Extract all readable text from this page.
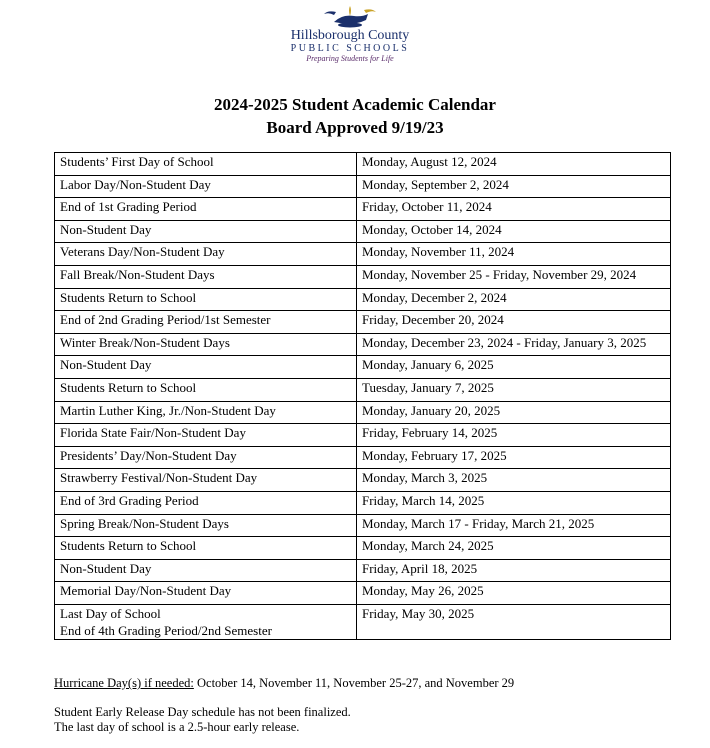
Hillsborough County
PUBLIC SCHOOLS
Preparing Students for Life
2024-2025 Student Academic Calendar
Board Approved 9/19/23
Students’ First Day of School	Monday, August 12, 2024
Labor Day/Non-Student Day	Monday, September 2, 2024
End of 1st Grading Period	Friday, October 11, 2024
Non-Student Day	Monday, October 14, 2024
Veterans Day/Non-Student Day	Monday, November 11, 2024
Fall Break/Non-Student Days	Monday, November 25 - Friday, November 29, 2024
Students Return to School	Monday, December 2, 2024
End of 2nd Grading Period/1st Semester	Friday, December 20, 2024
Winter Break/Non-Student Days	Monday, December 23, 2024 - Friday, January 3, 2025
Non-Student Day	Monday, January 6, 2025
Students Return to School	Tuesday, January 7, 2025
Martin Luther King, Jr./Non-Student Day	Monday, January 20, 2025
Florida State Fair/Non-Student Day	Friday, February 14, 2025
Presidents’ Day/Non-Student Day	Monday, February 17, 2025
Strawberry Festival/Non-Student Day	Monday, March 3, 2025
End of 3rd Grading Period	Friday, March 14, 2025
Spring Break/Non-Student Days	Monday, March 17 - Friday, March 21, 2025
Students Return to School	Monday, March 24, 2025
Non-Student Day	Friday, April 18, 2025
Memorial Day/Non-Student Day	Monday, May 26, 2025

Last Day of School
End of 4th Grading Period/2nd Semester	Friday, May 30, 2025
Hurricane Day(s) if needed: October 14, November 11, November 25-27, and November 29
Student Early Release Day schedule has not been finalized.
The last day of school is a 2.5-hour early release.
